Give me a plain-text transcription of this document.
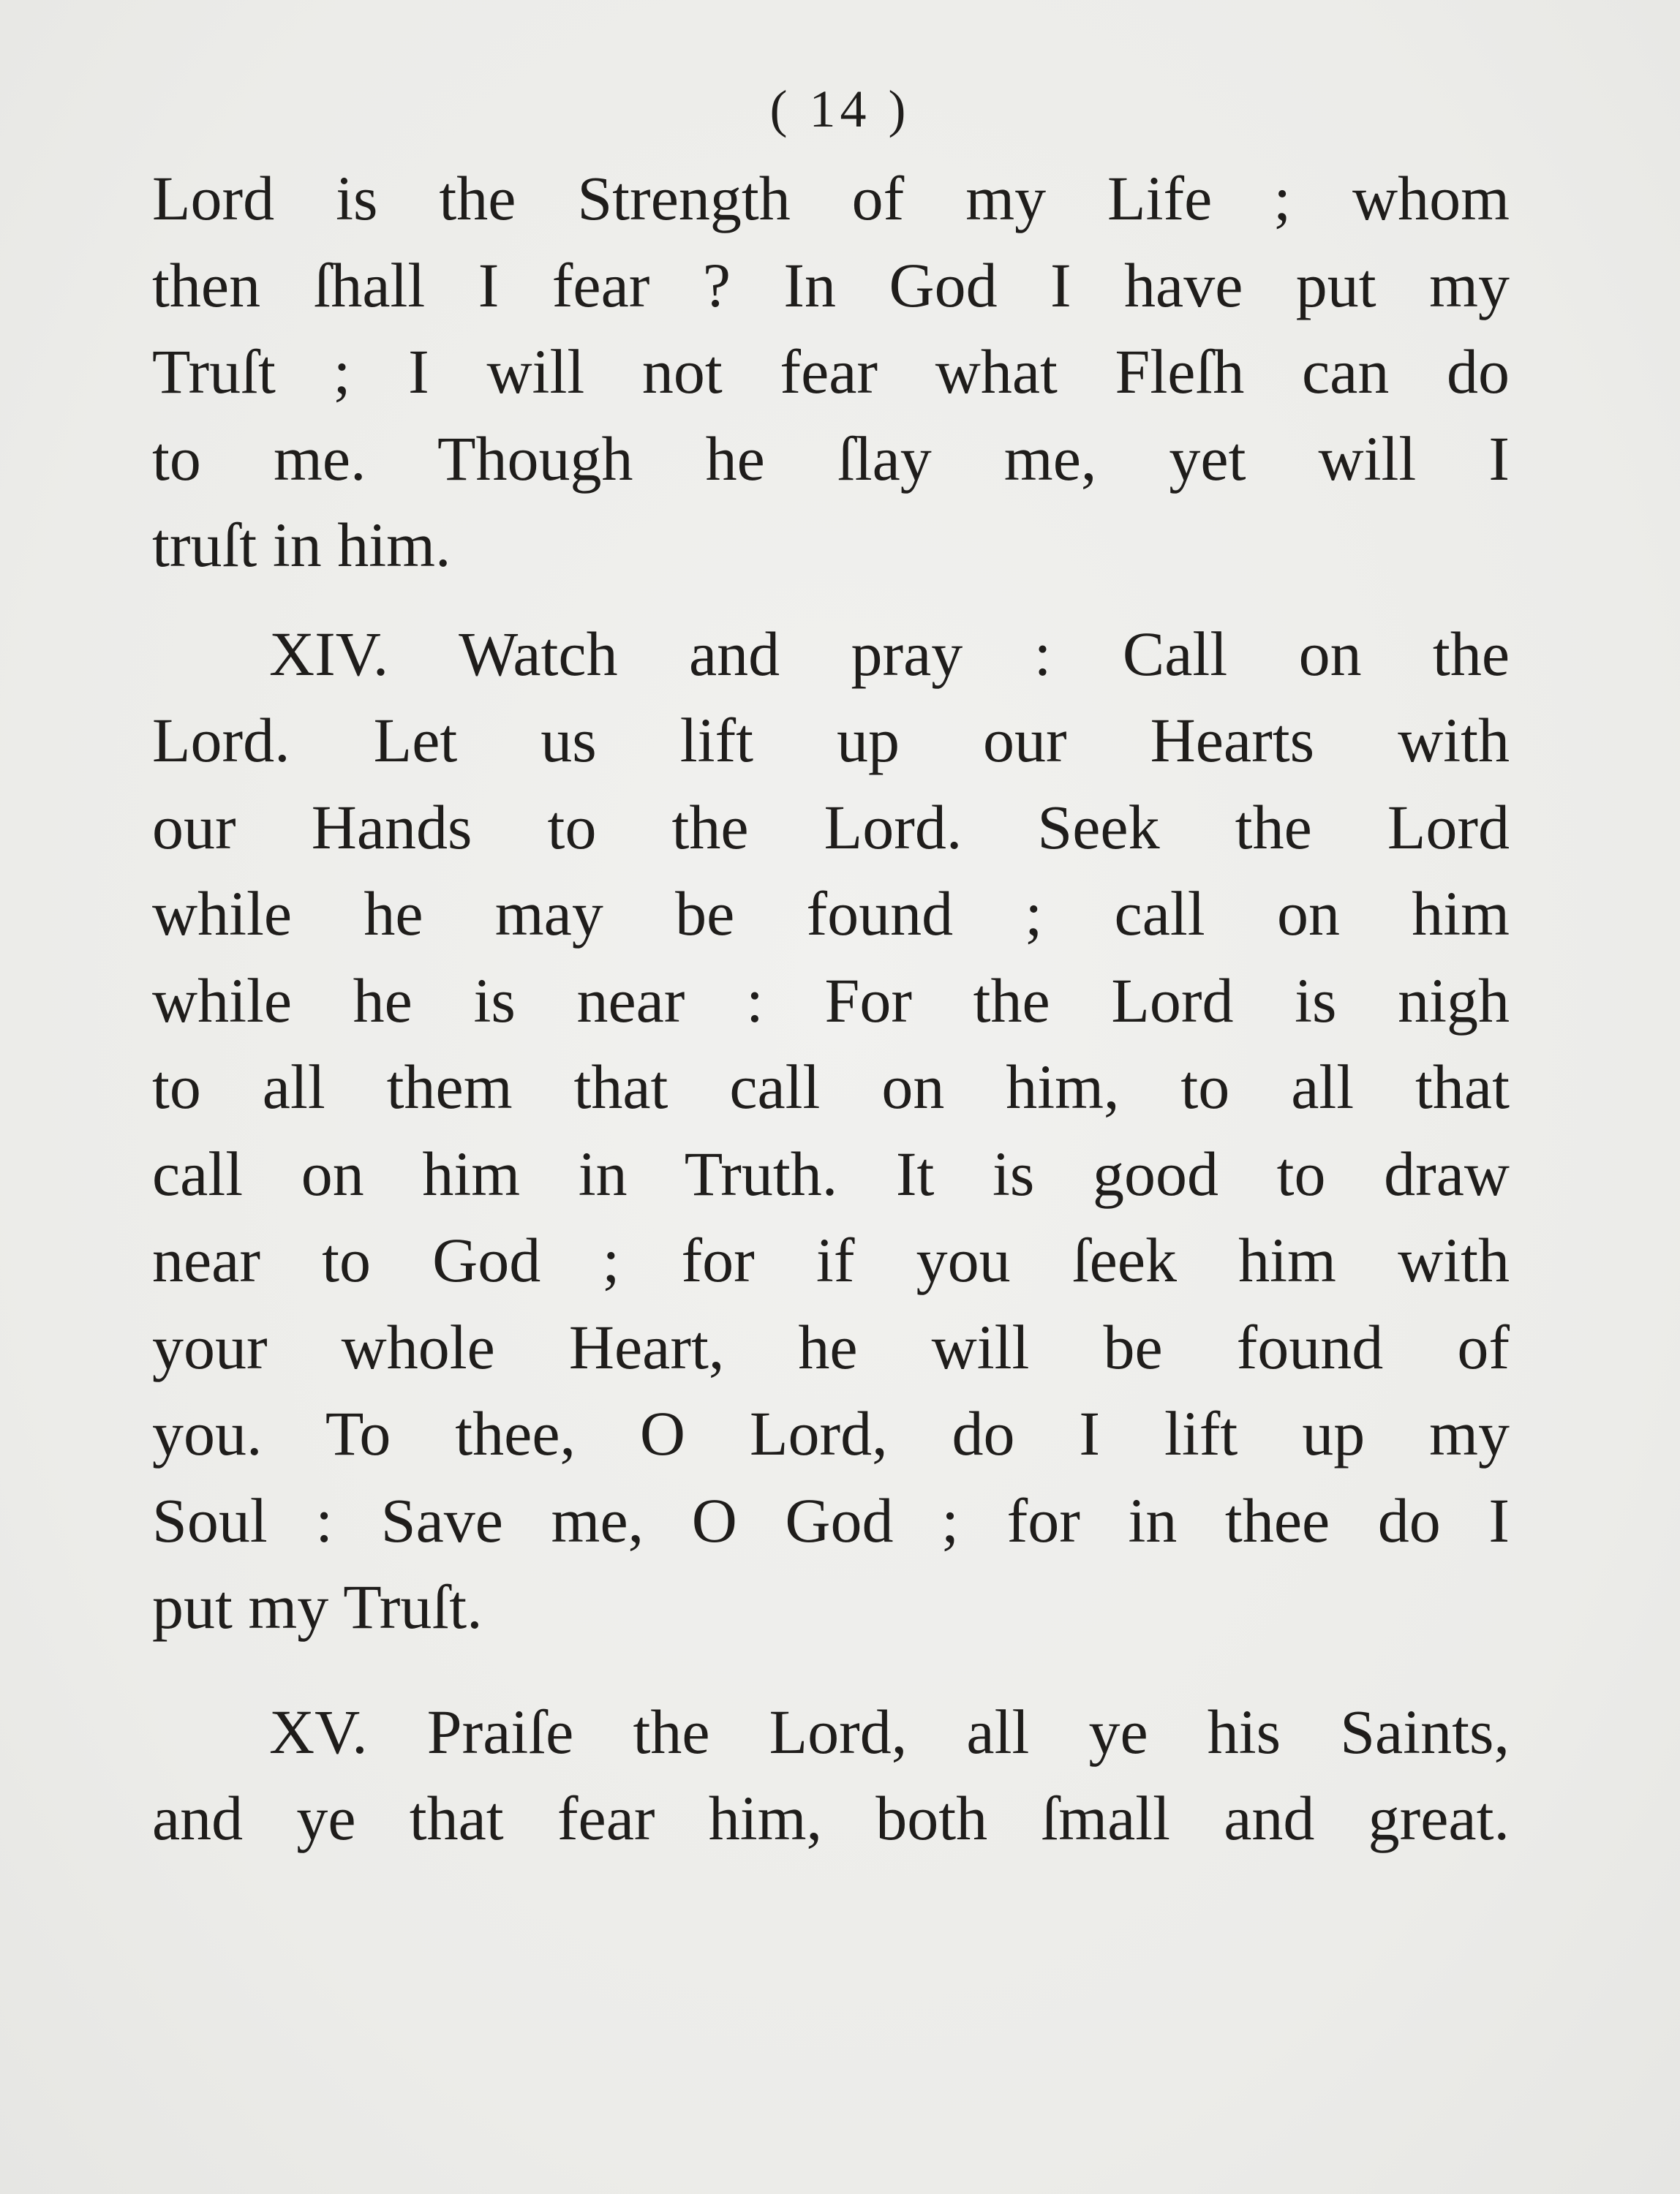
( 14 )
Lord is the Strength of my Life ; whom
then ſhall I fear ? In God I have put my
Truſt ; I will not fear what Fleſh can do
to me. Though he ſlay me, yet will I
truſt in him.
XIV. Watch and pray : Call on the
Lord. Let us lift up our Hearts with
our Hands to the Lord. Seek the Lord
while he may be found ; call on him
while he is near : For the Lord is nigh
to all them that call on him, to all that
call on him in Truth. It is good to draw
near to God ; for if you ſeek him with
your whole Heart, he will be found of
you. To thee, O Lord, do I lift up my
Soul : Save me, O God ; for in thee do I
put my Truſt.
XV. Praiſe the Lord, all ye his Saints,
and ye that fear him, both ſmall and great.
